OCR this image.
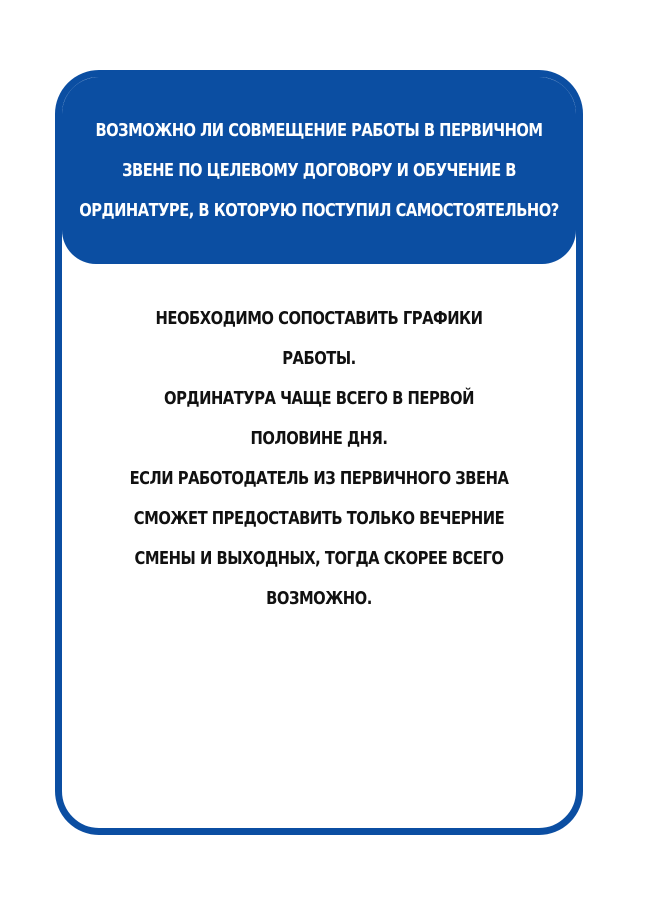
ВОЗМОЖНО ЛИ СОВМЕЩЕНИЕ РАБОТЫ В ПЕРВИЧНОМ ЗВЕНЕ ПО ЦЕЛЕВОМУ ДОГОВОРУ И ОБУЧЕНИЕ В ОРДИНАТУРЕ, В КОТОРУЮ ПОСТУПИЛ САМОСТОЯТЕЛЬНО?

НЕОБХОДИМО СОПОСТАВИТЬ ГРАФИКИ
РАБОТЫ.
ОРДИНАТУРА ЧАЩЕ ВСЕГО В ПЕРВОЙ
ПОЛОВИНЕ ДНЯ.
ЕСЛИ РАБОТОДАТЕЛЬ ИЗ ПЕРВИЧНОГО ЗВЕНА
СМОЖЕТ ПРЕДОСТАВИТЬ ТОЛЬКО ВЕЧЕРНИЕ
СМЕНЫ И ВЫХОДНЫХ, ТОГДА СКОРЕЕ ВСЕГО
ВОЗМОЖНО.
